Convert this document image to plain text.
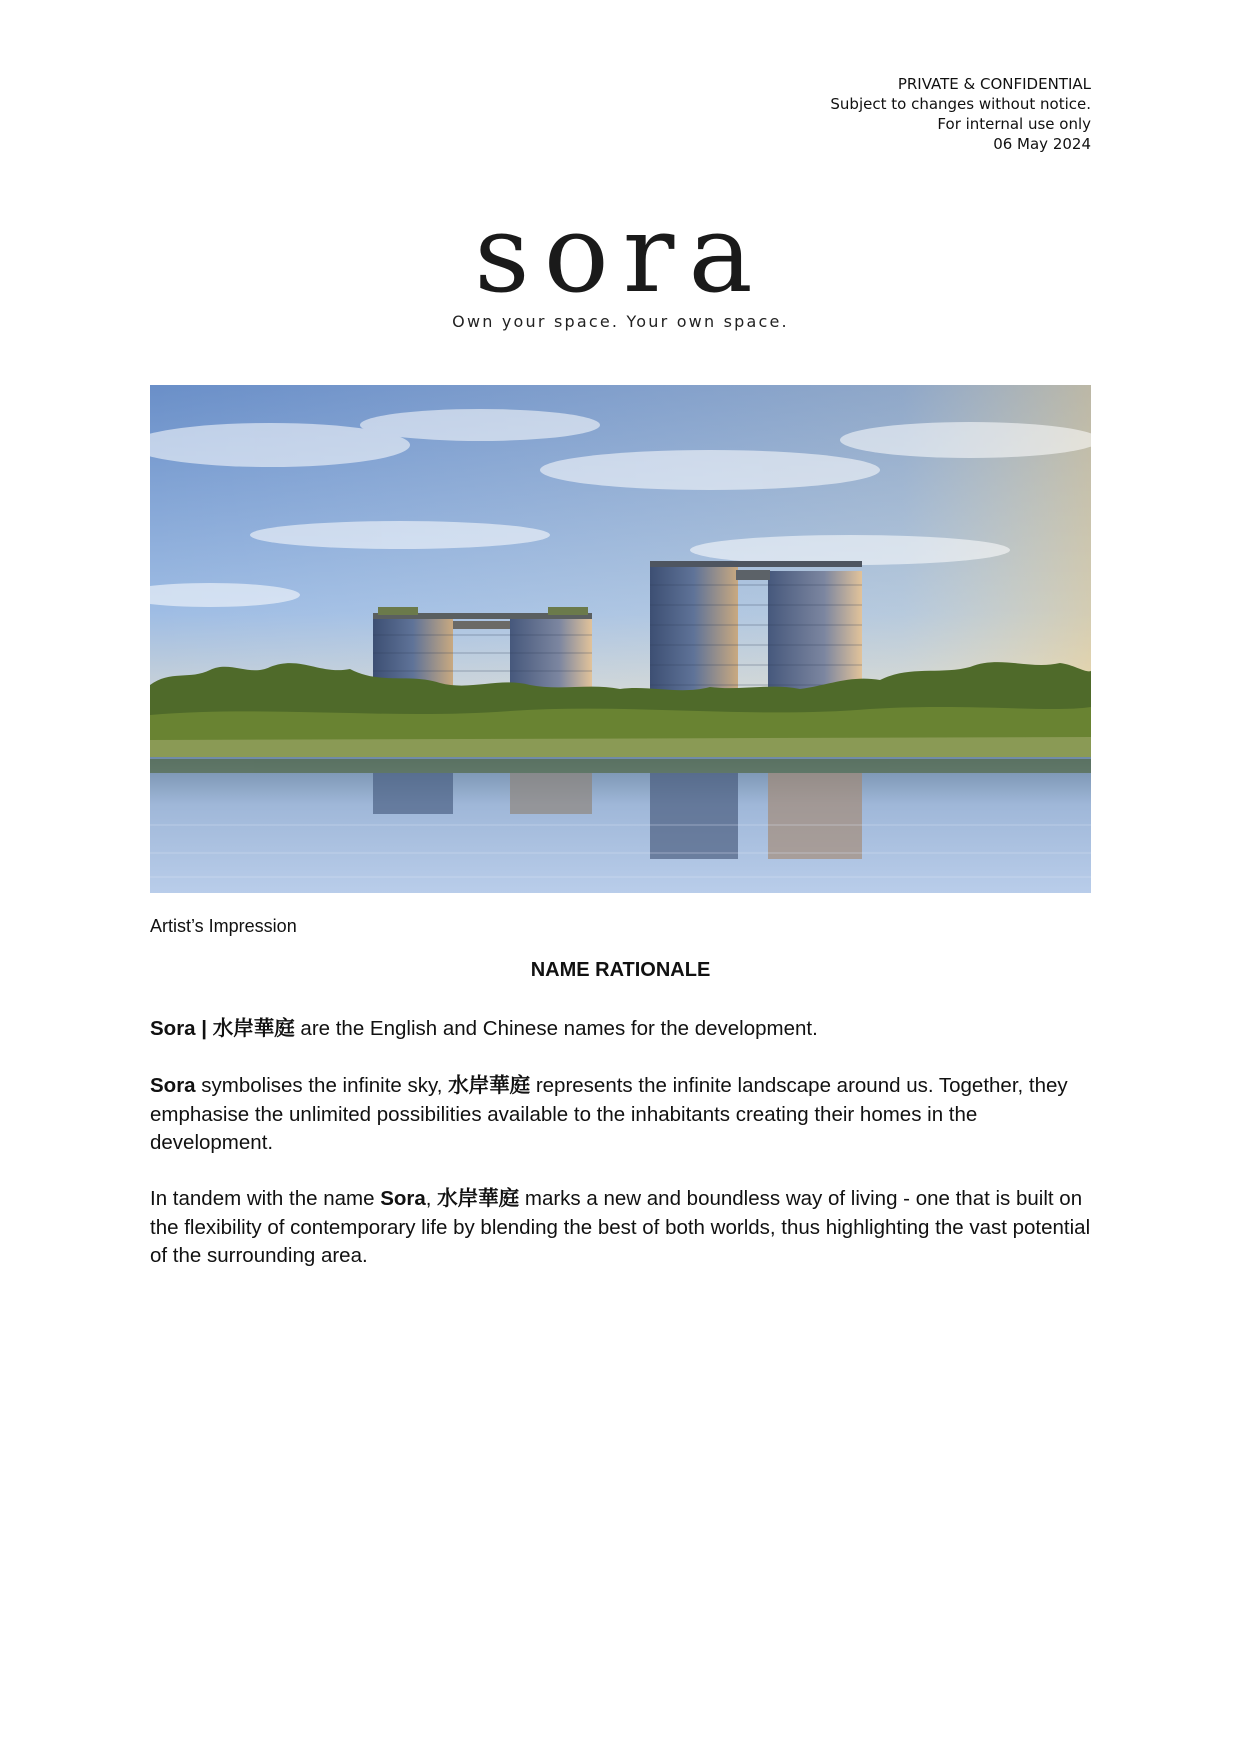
PRIVATE & CONFIDENTIAL
Subject to changes without notice.
For internal use only
06 May 2024
sora
Own your space. Your own space.
Artist’s Impression
NAME RATIONALE

Sora | 水岸華庭 are the English and Chinese names for the development.

Sora symbolises the infinite sky, 水岸華庭 represents the infinite landscape around us. Together, they emphasise the unlimited possibilities available to the inhabitants creating their homes in the development.

In tandem with the name Sora, 水岸華庭 marks a new and boundless way of living - one that is built on the flexibility of contemporary life by blending the best of both worlds, thus highlighting the vast potential of the surrounding area.
